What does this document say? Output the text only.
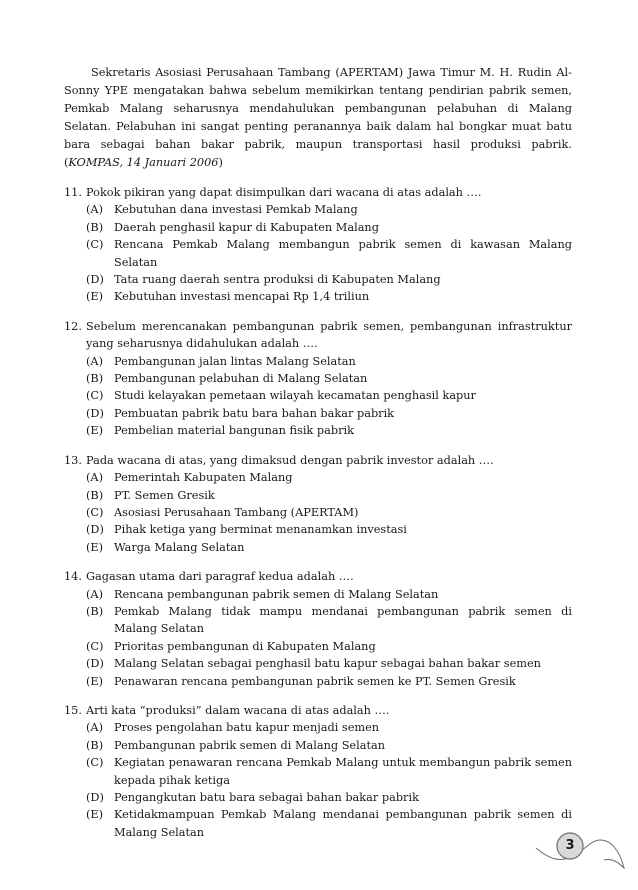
Sekretaris Asosiasi Perusahaan Tambang (APERTAM) Jawa Timur M. H. Rudin Al-Sonny YPE mengatakan bahwa sebelum memikirkan tentang pendirian pabrik semen, Pemkab Malang seharusnya mendahulukan pembangunan pelabuhan di Malang Selatan. Pelabuhan ini sangat penting peranannya baik dalam hal bongkar muat batu bara sebagai bahan bakar pabrik, maupun transportasi hasil produksi pabrik. (KOMPAS, 14 Januari 2006)

11. Pokok pikiran yang dapat disimpulkan dari wacana di atas adalah ….
(A) Kebutuhan dana investasi Pemkab Malang
(B) Daerah penghasil kapur di Kabupaten Malang
(C) Rencana Pemkab Malang membangun pabrik semen di kawasan Malang Selatan
(D) Tata ruang daerah sentra produksi di Kabupaten Malang
(E) Kebutuhan investasi mencapai Rp 1,4 triliun
12. Sebelum merencanakan pembangunan pabrik semen, pembangunan infrastruktur yang seharusnya didahulukan adalah ….
(A) Pembangunan jalan lintas Malang Selatan
(B) Pembangunan pelabuhan di Malang Selatan
(C) Studi kelayakan pemetaan wilayah kecamatan penghasil kapur
(D) Pembuatan pabrik batu bara bahan bakar pabrik
(E) Pembelian material bangunan fisik pabrik
13. Pada wacana di atas, yang dimaksud dengan pabrik investor adalah ….
(A) Pemerintah Kabupaten Malang
(B) PT. Semen Gresik
(C) Asosiasi Perusahaan Tambang (APERTAM)
(D) Pihak ketiga yang berminat menanamkan investasi
(E) Warga Malang Selatan
14. Gagasan utama dari paragraf kedua adalah ….
(A) Rencana pembangunan pabrik semen di Malang Selatan
(B) Pemkab Malang tidak mampu mendanai pembangunan pabrik semen di Malang Selatan
(C) Prioritas pembangunan di Kabupaten Malang
(D) Malang Selatan sebagai penghasil batu kapur sebagai bahan bakar semen
(E) Penawaran rencana pembangunan pabrik semen ke PT. Semen Gresik
15. Arti kata “produksi” dalam wacana di atas adalah ….
(A) Proses pengolahan batu kapur menjadi semen
(B) Pembangunan pabrik semen di Malang Selatan
(C) Kegiatan penawaran rencana Pemkab Malang untuk membangun pabrik semen kepada pihak ketiga
(D) Pengangkutan batu bara sebagai bahan bakar pabrik
(E) Ketidakmampuan Pemkab Malang mendanai pembangunan pabrik semen di Malang Selatan
3
